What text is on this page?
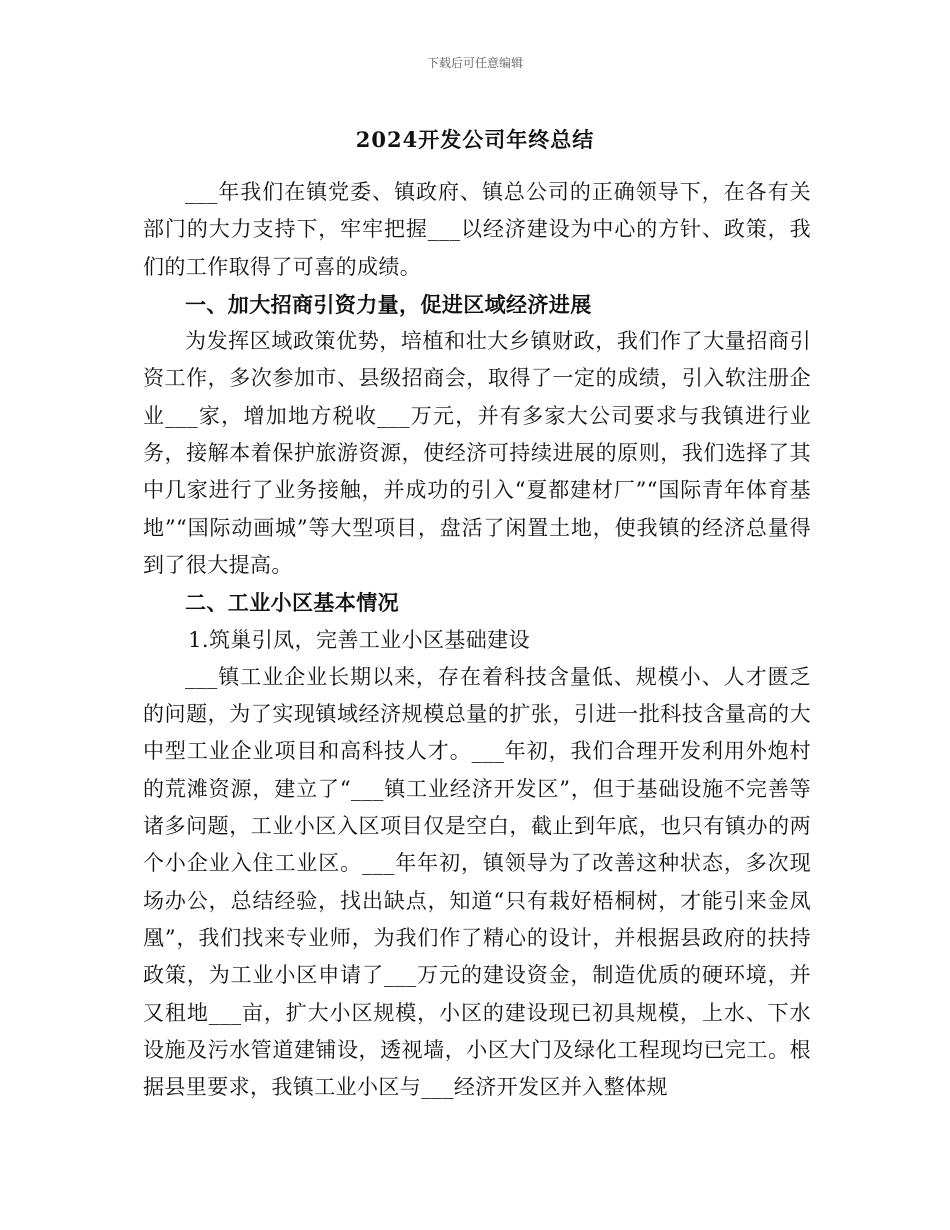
下载后可任意编辑
2024开发公司年终总结

___年我们在镇党委、镇政府、镇总公司的正确领导下，在各有关部门的大力支持下，牢牢把握___以经济建设为中心的方针、政策，我们的工作取得了可喜的成绩。

一、加大招商引资力量，促进区域经济进展

为发挥区域政策优势，培植和壮大乡镇财政，我们作了大量招商引资工作，多次参加市、县级招商会，取得了一定的成绩，引入软注册企业___家，增加地方税收___万元，并有多家大公司要求与我镇进行业务，接解本着保护旅游资源，使经济可持续进展的原则，我们选择了其中几家进行了业务接触，并成功的引入“夏都建材厂”“国际青年体育基地”“国际动画城”等大型项目，盘活了闲置土地，使我镇的经济总量得到了很大提高。

二、工业小区基本情况

1.筑巢引凤，完善工业小区基础建设

___镇工业企业长期以来，存在着科技含量低、规模小、人才匮乏的问题，为了实现镇域经济规模总量的扩张，引进一批科技含量高的大中型工业企业项目和高科技人才。___年初，我们合理开发利用外炮村的荒滩资源，建立了“___镇工业经济开发区”，但于基础设施不完善等诸多问题，工业小区入区项目仅是空白，截止到年底，也只有镇办的两个小企业入住工业区。___年年初，镇领导为了改善这种状态，多次现场办公，总结经验，找出缺点，知道“只有栽好梧桐树，才能引来金凤凰”，我们找来专业师，为我们作了精心的设计，并根据县政府的扶持政策，为工业小区申请了___万元的建设资金，制造优质的硬环境，并又租地___亩，扩大小区规模，小区的建设现已初具规模，上水、下水设施及污水管道建铺设，透视墙，小区大门及绿化工程现均已完工。根据县里要求，我镇工业小区与___经济开发区并入整体规
